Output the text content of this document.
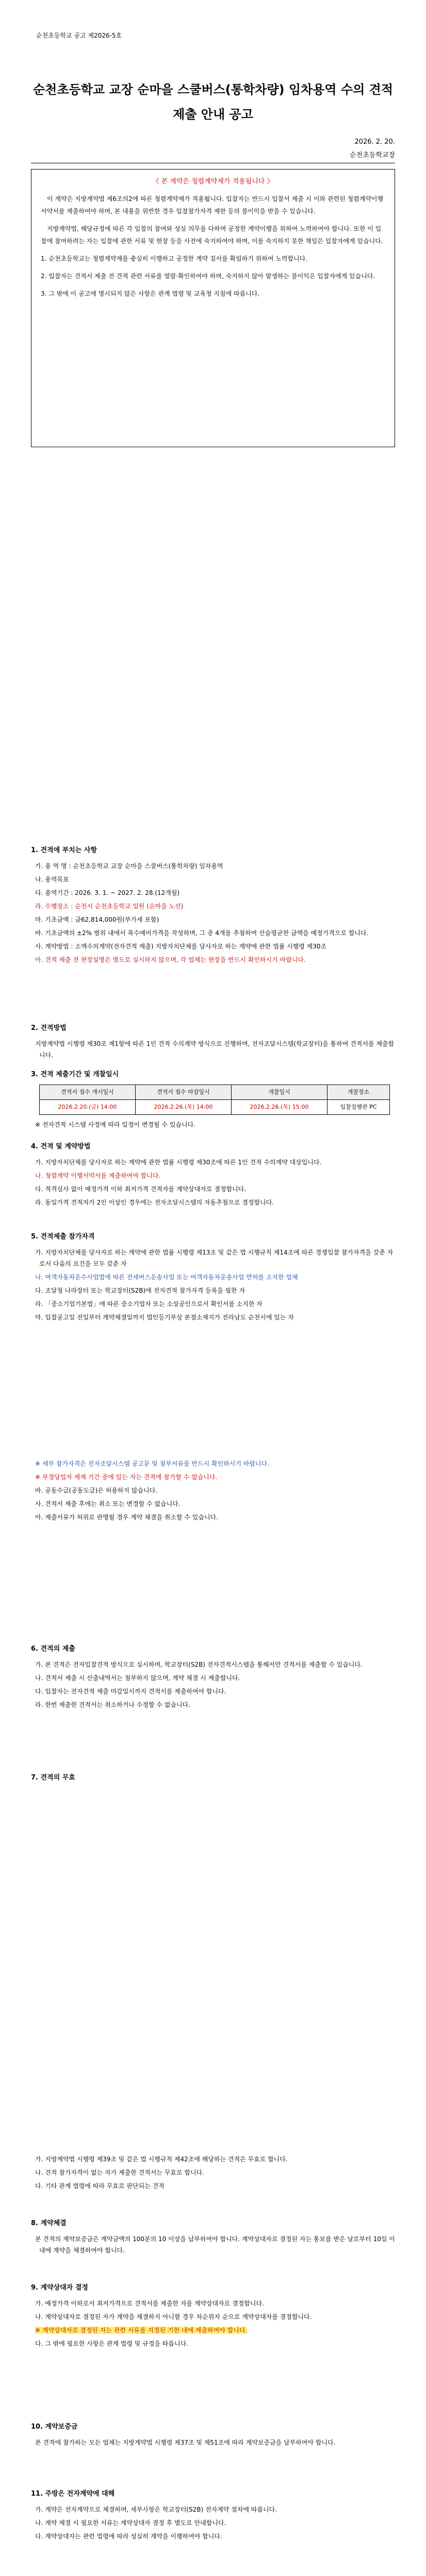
순천초등학교 공고 제2026-5호
순천초등학교 교장 순마을 스쿨버스(통학차량) 임차용역 수의 견적제출 안내 공고
2026. 2. 20.
순천초등학교장
《 본 계약은 청렴계약제가 적용됩니다 》

이 계약은 지방계약법 제6조의2에 따른 청렴계약제가 적용됩니다. 입찰자는 반드시 입찰서 제출 시 이와 관련된 청렴계약이행서약서를 제출하여야 하며, 본 내용을 위반한 경우 입찰참가자격 제한 등의 불이익을 받을 수 있습니다.

지방계약법, 해당규정에 따른 각 입찰의 참여와 성실 의무를 다하며 공정한 계약이행을 위하여 노력하여야 합니다. 또한 이 입찰에 참여하려는 자는 입찰에 관한 서류 및 현장 등을 사전에 숙지하여야 하며, 이를 숙지하지 못한 책임은 입찰자에게 있습니다.

1. 순천초등학교는 청렴계약제를 충실히 이행하고 공정한 계약 질서를 확립하기 위하여 노력합니다.

2. 입찰자는 견적서 제출 전 견적 관련 서류를 열람·확인하여야 하며, 숙지하지 않아 발생하는 불이익은 입찰자에게 있습니다.

3. 그 밖에 이 공고에 명시되지 않은 사항은 관계 법령 및 교육청 지침에 따릅니다.

1. 견적에 부치는 사항

가. 용 역 명 : 순천초등학교 교장 순마을 스쿨버스(통학차량) 임차용역

나. 용역목표

다. 용역기간 : 2026. 3. 1. ~ 2027. 2. 28.(12개월)

라. 수행장소 : 순천시 순천초등학교 일원 (순마을 노선)

마. 기초금액 : 금62,814,000원(부가세 포함)

바. 기초금액의 ±2% 범위 내에서 복수예비가격을 작성하며, 그 중 4개를 추첨하여 산술평균한 금액을 예정가격으로 합니다.

사. 계약방법 : 소액수의계약(전자견적 제출) 지방자치단체를 당사자로 하는 계약에 관한 법률 시행령 제30조

아. 견적 제출 전 현장설명은 별도로 실시하지 않으며, 각 업체는 현장을 반드시 확인하시기 바랍니다.

2. 견적방법

지방계약법 시행령 제30조 제1항에 따른 1인 견적 수의계약 방식으로 진행하며, 전자조달시스템(학교장터)을 통하여 견적서를 제출합니다.

3. 견적 제출기간 및 개찰일시
견적서 접수 개시일시	견적서 접수 마감일시	개찰일시	개찰장소
2026.2.20.(금) 14:00	2026.2.26.(목) 14:00	2026.2.26.(목) 15:00	입찰집행관 PC

※ 전자견적 시스템 사정에 따라 일정이 변경될 수 있습니다.

4. 견적 및 계약방법

가. 지방자치단체를 당사자로 하는 계약에 관한 법률 시행령 제30조에 따른 1인 견적 수의계약 대상입니다.

나. 청렴계약 이행서약서를 제출하여야 합니다.

다. 적격심사 없이 예정가격 이하 최저가격 견적자를 계약상대자로 결정합니다.

라. 동일가격 견적자가 2인 이상인 경우에는 전자조달시스템의 자동추첨으로 결정합니다.

5. 견적제출 참가자격

가. 지방자치단체를 당사자로 하는 계약에 관한 법률 시행령 제13조 및 같은 법 시행규칙 제14조에 따른 경쟁입찰 참가자격을 갖춘 자로서 다음의 요건을 모두 갖춘 자

나. 여객자동차운수사업법에 따른 전세버스운송사업 또는 여객자동차운송사업 면허를 소지한 업체

다. 조달청 나라장터 또는 학교장터(S2B)에 전자견적 참가자격 등록을 필한 자

라. 「중소기업기본법」에 따른 중소기업자 또는 소상공인으로서 확인서를 소지한 자

마. 입찰공고일 전일부터 계약체결일까지 법인등기부상 본점소재지가 전라남도 순천시에 있는 자

※ 세부 참가자격은 전자조달시스템 공고문 및 첨부서류를 반드시 확인하시기 바랍니다.

※ 부정당업자 제재 기간 중에 있는 자는 견적에 참가할 수 없습니다.

바. 공동수급(공동도급)은 허용하지 않습니다.

사. 견적서 제출 후에는 취소 또는 변경할 수 없습니다.

아. 제출서류가 허위로 판명될 경우 계약 체결을 취소할 수 있습니다.

6. 견적의 제출

가. 본 견적은 전자입찰견적 방식으로 실시하며, 학교장터(S2B) 전자견적시스템을 통해서만 견적서를 제출할 수 있습니다.

나. 견적서 제출 시 산출내역서는 첨부하지 않으며, 계약 체결 시 제출합니다.

다. 입찰자는 전자견적 제출 마감일시까지 견적서를 제출하여야 합니다.

라. 한번 제출한 견적서는 취소하거나 수정할 수 없습니다.

7. 견적의 무효

가. 지방계약법 시행령 제39조 및 같은 법 시행규칙 제42조에 해당하는 견적은 무효로 합니다.

나. 견적 참가자격이 없는 자가 제출한 견적서는 무효로 합니다.

다. 기타 관계 법령에 따라 무효로 판단되는 견적

8. 계약체결

본 견적의 계약보증금은 계약금액의 100분의 10 이상을 납부하여야 합니다. 계약상대자로 결정된 자는 통보를 받은 날로부터 10일 이내에 계약을 체결하여야 합니다.

9. 계약상대자 결정

가. 예정가격 이하로서 최저가격으로 견적서를 제출한 자를 계약상대자로 결정합니다.

나. 계약상대자로 결정된 자가 계약을 체결하지 아니할 경우 차순위자 순으로 계약상대자를 결정합니다.

※ 계약상대자로 결정된 자는 관련 서류를 지정된 기한 내에 제출하여야 합니다.

다. 그 밖에 필요한 사항은 관계 법령 및 규정을 따릅니다.

10. 계약보증금

본 견적에 참가하는 모든 업체는 지방계약법 시행령 제37조 및 제51조에 따라 계약보증금을 납부하여야 합니다.

11. 주방은 전자계약에 대해

가. 계약은 전자계약으로 체결하며, 세부사항은 학교장터(S2B) 전자계약 절차에 따릅니다.

나. 계약 체결 시 필요한 서류는 계약상대자 결정 후 별도로 안내합니다.

다. 계약상대자는 관련 법령에 따라 성실히 계약을 이행하여야 합니다.
